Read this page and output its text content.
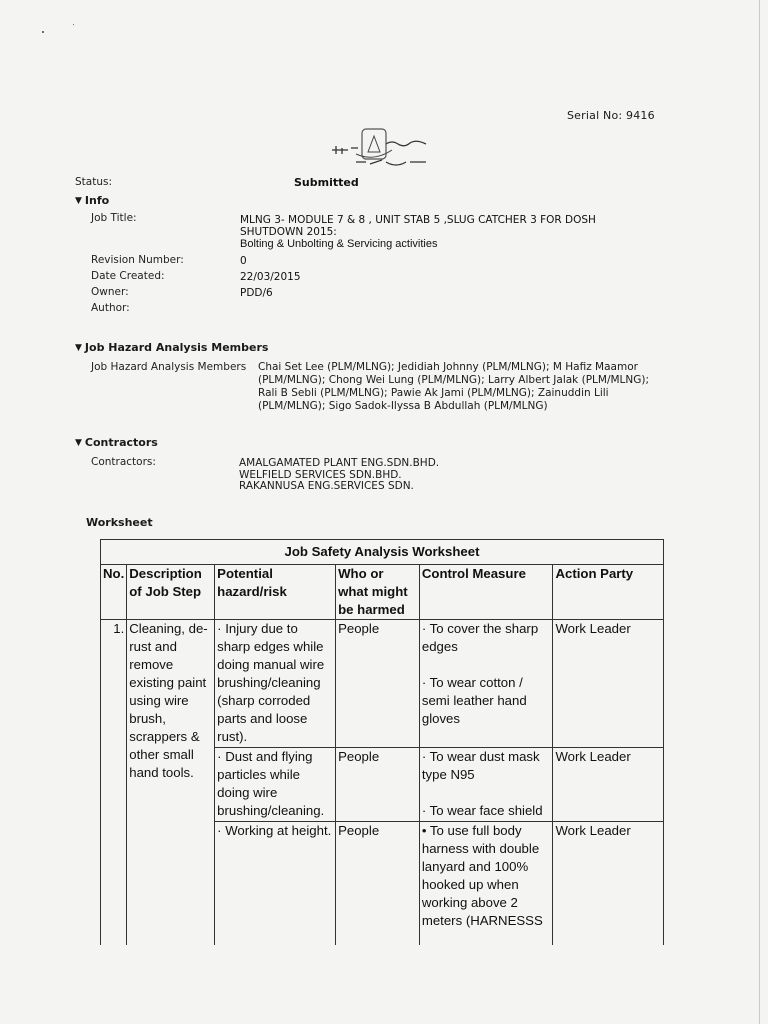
Serial No: 9416
Status:	Submitted
▼ Info
Job Title:	MLNG 3- MODULE 7 & 8 , UNIT STAB 5 ,SLUG CATCHER 3 FOR DOSH
SHUTDOWN 2015:
Bolting & Unbolting & Servicing activities
Revision Number:	0
Date Created:	22/03/2015
Owner:	PDD/6
Author:
▼ Job Hazard Analysis Members
Job Hazard Analysis Members Chai Set Lee (PLM/MLNG); Jedidiah Johnny (PLM/MLNG); M Hafiz Maamor
(PLM/MLNG); Chong Wei Lung (PLM/MLNG); Larry Albert Jalak (PLM/MLNG);
Rali B Sebli (PLM/MLNG); Pawie Ak Jami (PLM/MLNG); Zainuddin Lili
(PLM/MLNG); Sigo Sadok-Ilyssa B Abdullah (PLM/MLNG)
▼ Contractors
Contractors:	AMALGAMATED PLANT ENG.SDN.BHD.
WELFIELD SERVICES SDN.BHD.
RAKANNUSA ENG.SERVICES SDN.
Worksheet
Job Safety Analysis Worksheet					
No.	Description of Job Step	Potential hazard/risk	Who or what might be harmed	Control Measure	Action Party
1.	Cleaning, de-rust and remove existing paint using wire brush, scrappers & other small hand tools.	· Injury due to sharp edges while doing manual wire brushing/cleaning (sharp corroded parts and loose rust).	People	· To cover the sharp edges
· To wear cotton / semi leather hand gloves	Work Leader
		· Dust and flying particles while doing wire brushing/cleaning.	People	· To wear dust mask type N95
· To wear face shield	Work Leader
		· Working at height.	People	• To use full body harness with double lanyard and 100% hooked up when working above 2 meters (HARNESSS	Work Leader
